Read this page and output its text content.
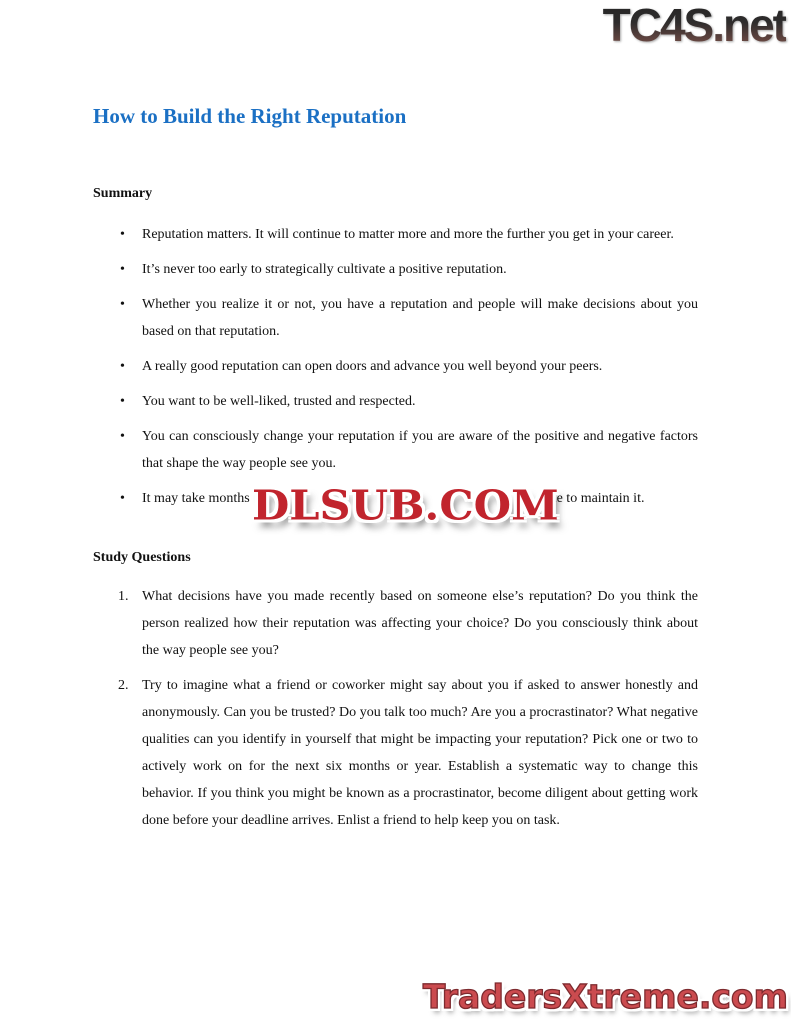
TC4S.net
How to Build the Right Reputation
Summary
• Reputation matters. It will continue to matter more and more the further you get in your career.
• It’s never too early to strategically cultivate a positive reputation.
• Whether you realize it or not, you have a reputation and people will make decisions about you based on that reputation.
• A really good reputation can open doors and advance you well beyond your peers.
• You want to be well-liked, trusted and respected.
• You can consciously change your reputation if you are aware of the positive and negative factors that shape the way people see you.
• It may take months	me to maintain it.
Study Questions
1. What decisions have you made recently based on someone else’s reputation? Do you think the person realized how their reputation was affecting your choice? Do you consciously think about the way people see you?
2. Try to imagine what a friend or coworker might say about you if asked to answer honestly and anonymously. Can you be trusted? Do you talk too much? Are you a procrastinator? What negative qualities can you identify in yourself that might be impacting your reputation? Pick one or two to actively work on for the next six months or year. Establish a systematic way to change this behavior. If you think you might be known as a procrastinator, become diligent about getting work done before your deadline arrives. Enlist a friend to help keep you on task.
DLSUB.COM
TradersXtreme.com
